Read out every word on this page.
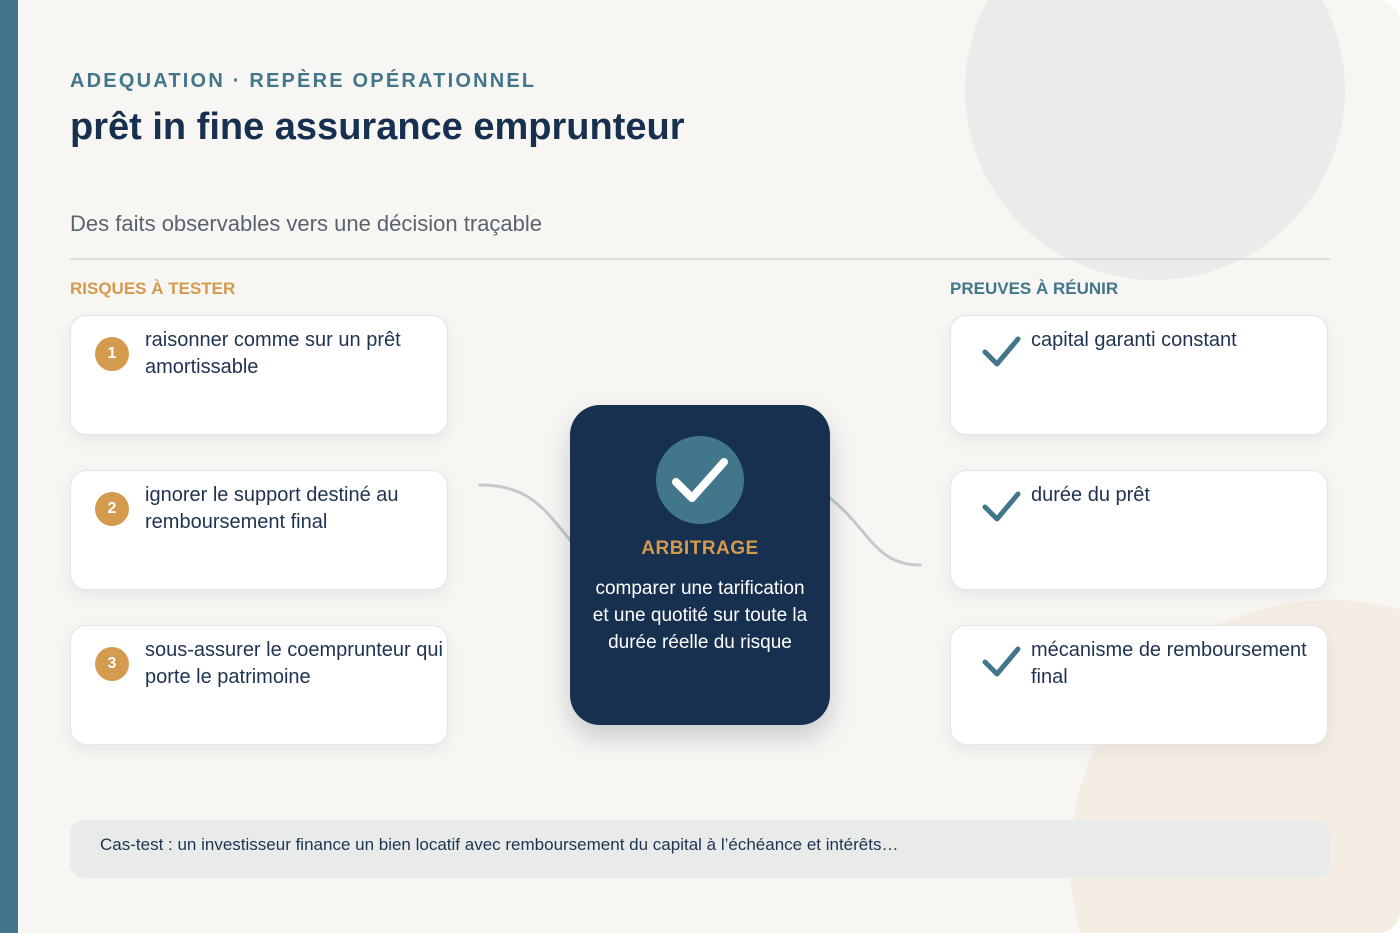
ADEQUATION · REPÈRE OPÉRATIONNEL
prêt in fine assurance emprunteur
Des faits observables vers une décision traçable
RISQUES À TESTER	PREUVES À RÉUNIR
1
raisonner comme sur un prêt amortissable
2
ignorer le support destiné au remboursement final
3
sous-assurer le coemprunteur qui porte le patrimoine
ARBITRAGE
comparer une tarification et une quotité sur toute la durée réelle du risque
capital garanti constant
durée du prêt
mécanisme de remboursement final
Cas-test : un investisseur finance un bien locatif avec remboursement du capital à l’échéance et intérêts…
